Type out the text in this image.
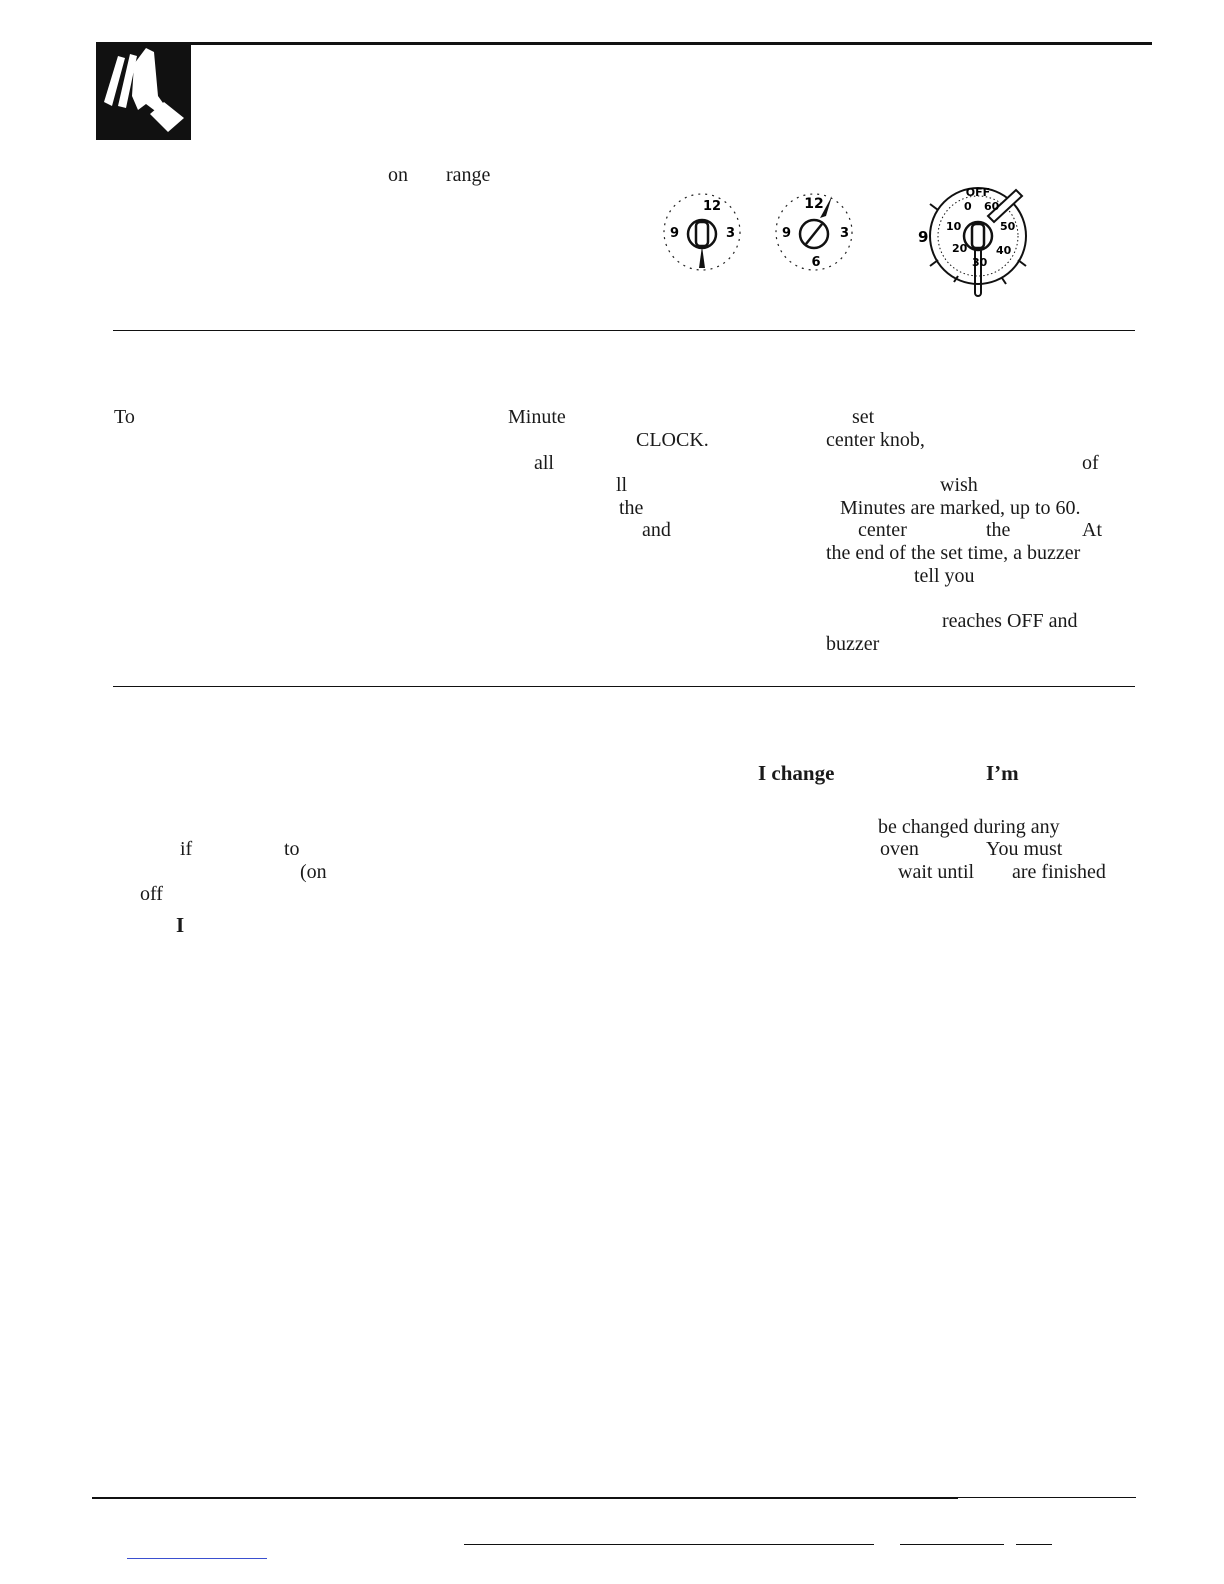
on range
12
9	3
12
9	3
6
OFF
0 60
10	50
20	40
30
9
To	Minute
CLOCK.
all
ll
the
and
set
center knob,
of
wish
Minutes are marked, up to 60.
center	the	At
the end of the set time, a buzzer
tell you
reaches OFF and
buzzer
I change	I’m
be changed during any
oven	You must
wait until are finished
if	to
(on
off
I
